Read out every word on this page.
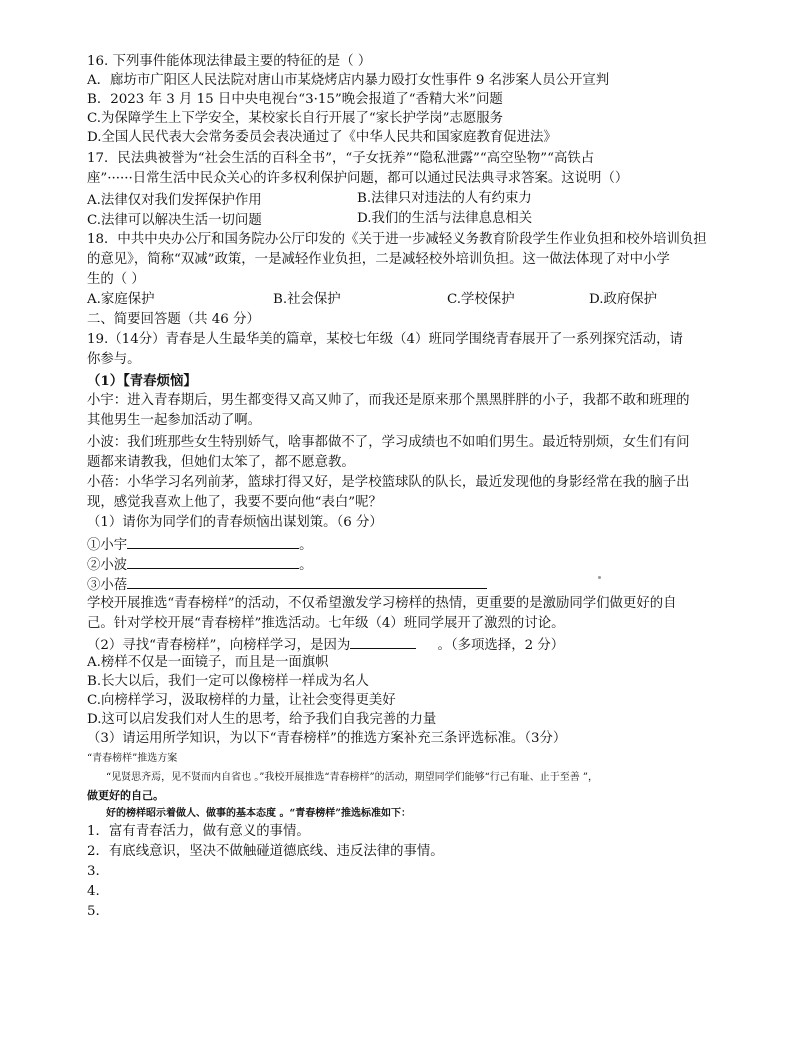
16. 下列事件能体现法律最主要的特征的是（ ）
A．廊坊市广阳区人民法院对唐山市某烧烤店内暴力殴打女性事件 9 名涉案人员公开宣判
B．2023 年 3 月 15 日中央电视台“3·15”晚会报道了“香精大米”问题
C.为保障学生上下学安全，某校家长自行开展了“家长护学岗”志愿服务
D.全国人民代表大会常务委员会表决通过了《中华人民共和国家庭教育促进法》
17．民法典被誉为“社会生活的百科全书”，“子女抚养”“隐私泄露”“高空坠物”“高铁占
座”······日常生活中民众关心的许多权利保护问题，都可以通过民法典寻求答案。这说明（）
A.法律仅对我们发挥保护作用	B.法律只对违法的人有约束力
C.法律可以解决生活一切问题	D.我们的生活与法律息息相关
18．中共中央办公厅和国务院办公厅印发的《关于进一步减轻义务教育阶段学生作业负担和校外培训负担
的意见》，简称“双减”政策，一是减轻作业负担，二是减轻校外培训负担。这一做法体现了对中小学
生的（ ）
A.家庭保护	B.社会保护	C.学校保护	D.政府保护
二、简要回答题（共 46 分）
19.（14分）青春是人生最华美的篇章，某校七年级（4）班同学围绕青春展开了一系列探究活动，请
你参与。
（1）【青春烦恼】
小宇：进入青春期后，男生都变得又高又帅了，而我还是原来那个黑黑胖胖的小子，我都不敢和班理的
其他男生一起参加活动了啊。
小波：我们班那些女生特别娇气，啥事都做不了，学习成绩也不如咱们男生。最近特别烦，女生们有问
题都来请教我，但她们太笨了，都不愿意教。
小蓓：小华学习名列前茅，篮球打得又好，是学校篮球队的队长，最近发现他的身影经常在我的脑子出
现，感觉我喜欢上他了，我要不要向他“表白”呢？
（1）请你为同学们的青春烦恼出谋划策。（6 分）
①小宇	。
②小波	。
③小蓓
学校开展推选“青春榜样”的活动，不仅希望激发学习榜样的热情，更重要的是激励同学们做更好的自
己。针对学校开展“青春榜样”推选活动。七年级（4）班同学展开了激烈的讨论。
（2）寻找“青春榜样”，向榜样学习，是因为	。（多项选择，2 分）
A.榜样不仅是一面镜子，而且是一面旗帜
B.长大以后，我们一定可以像榜样一样成为名人
C.向榜样学习，汲取榜样的力量，让社会变得更美好
D.这可以启发我们对人生的思考，给予我们自我完善的力量
（3）请运用所学知识，为以下“青春榜样”的推选方案补充三条评选标准。（3分）
“青春榜样”推选方案
“见贤思齐焉，见不贤而内自省也 。”我校开展推选“青春榜样”的活动，期望同学们能够“行己有耻、止于至善 ”，
做更好的自己。
好的榜样昭示着做人、做事的基本态度 。“青春榜样”推选标准如下：
1．富有青春活力，做有意义的事情。
2．有底线意识，坚决不做触碰道德底线、违反法律的事情。
3.
4.
5.
